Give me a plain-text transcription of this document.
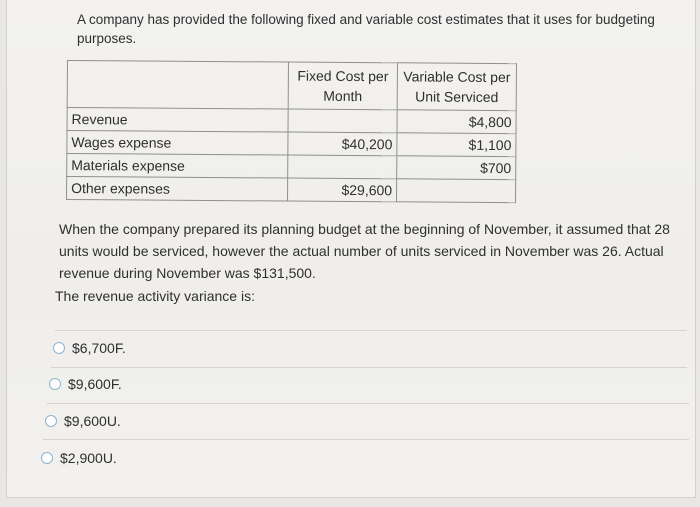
A company has provided the following fixed and variable cost estimates that it uses for budgeting purposes.

	Fixed Cost per Month	Variable Cost per Unit Serviced
Revenue		$4,800
Wages expense	$40,200	$1,100
Materials expense		$700
Other expenses	$29,600	

When the company prepared its planning budget at the beginning of November, it assumed that 28 units would be serviced, however the actual number of units serviced in November was 26. Actual revenue during November was $131,500.

The revenue activity variance is:

$6,700F.
$9,600F.
$9,600U.
$2,900U.
